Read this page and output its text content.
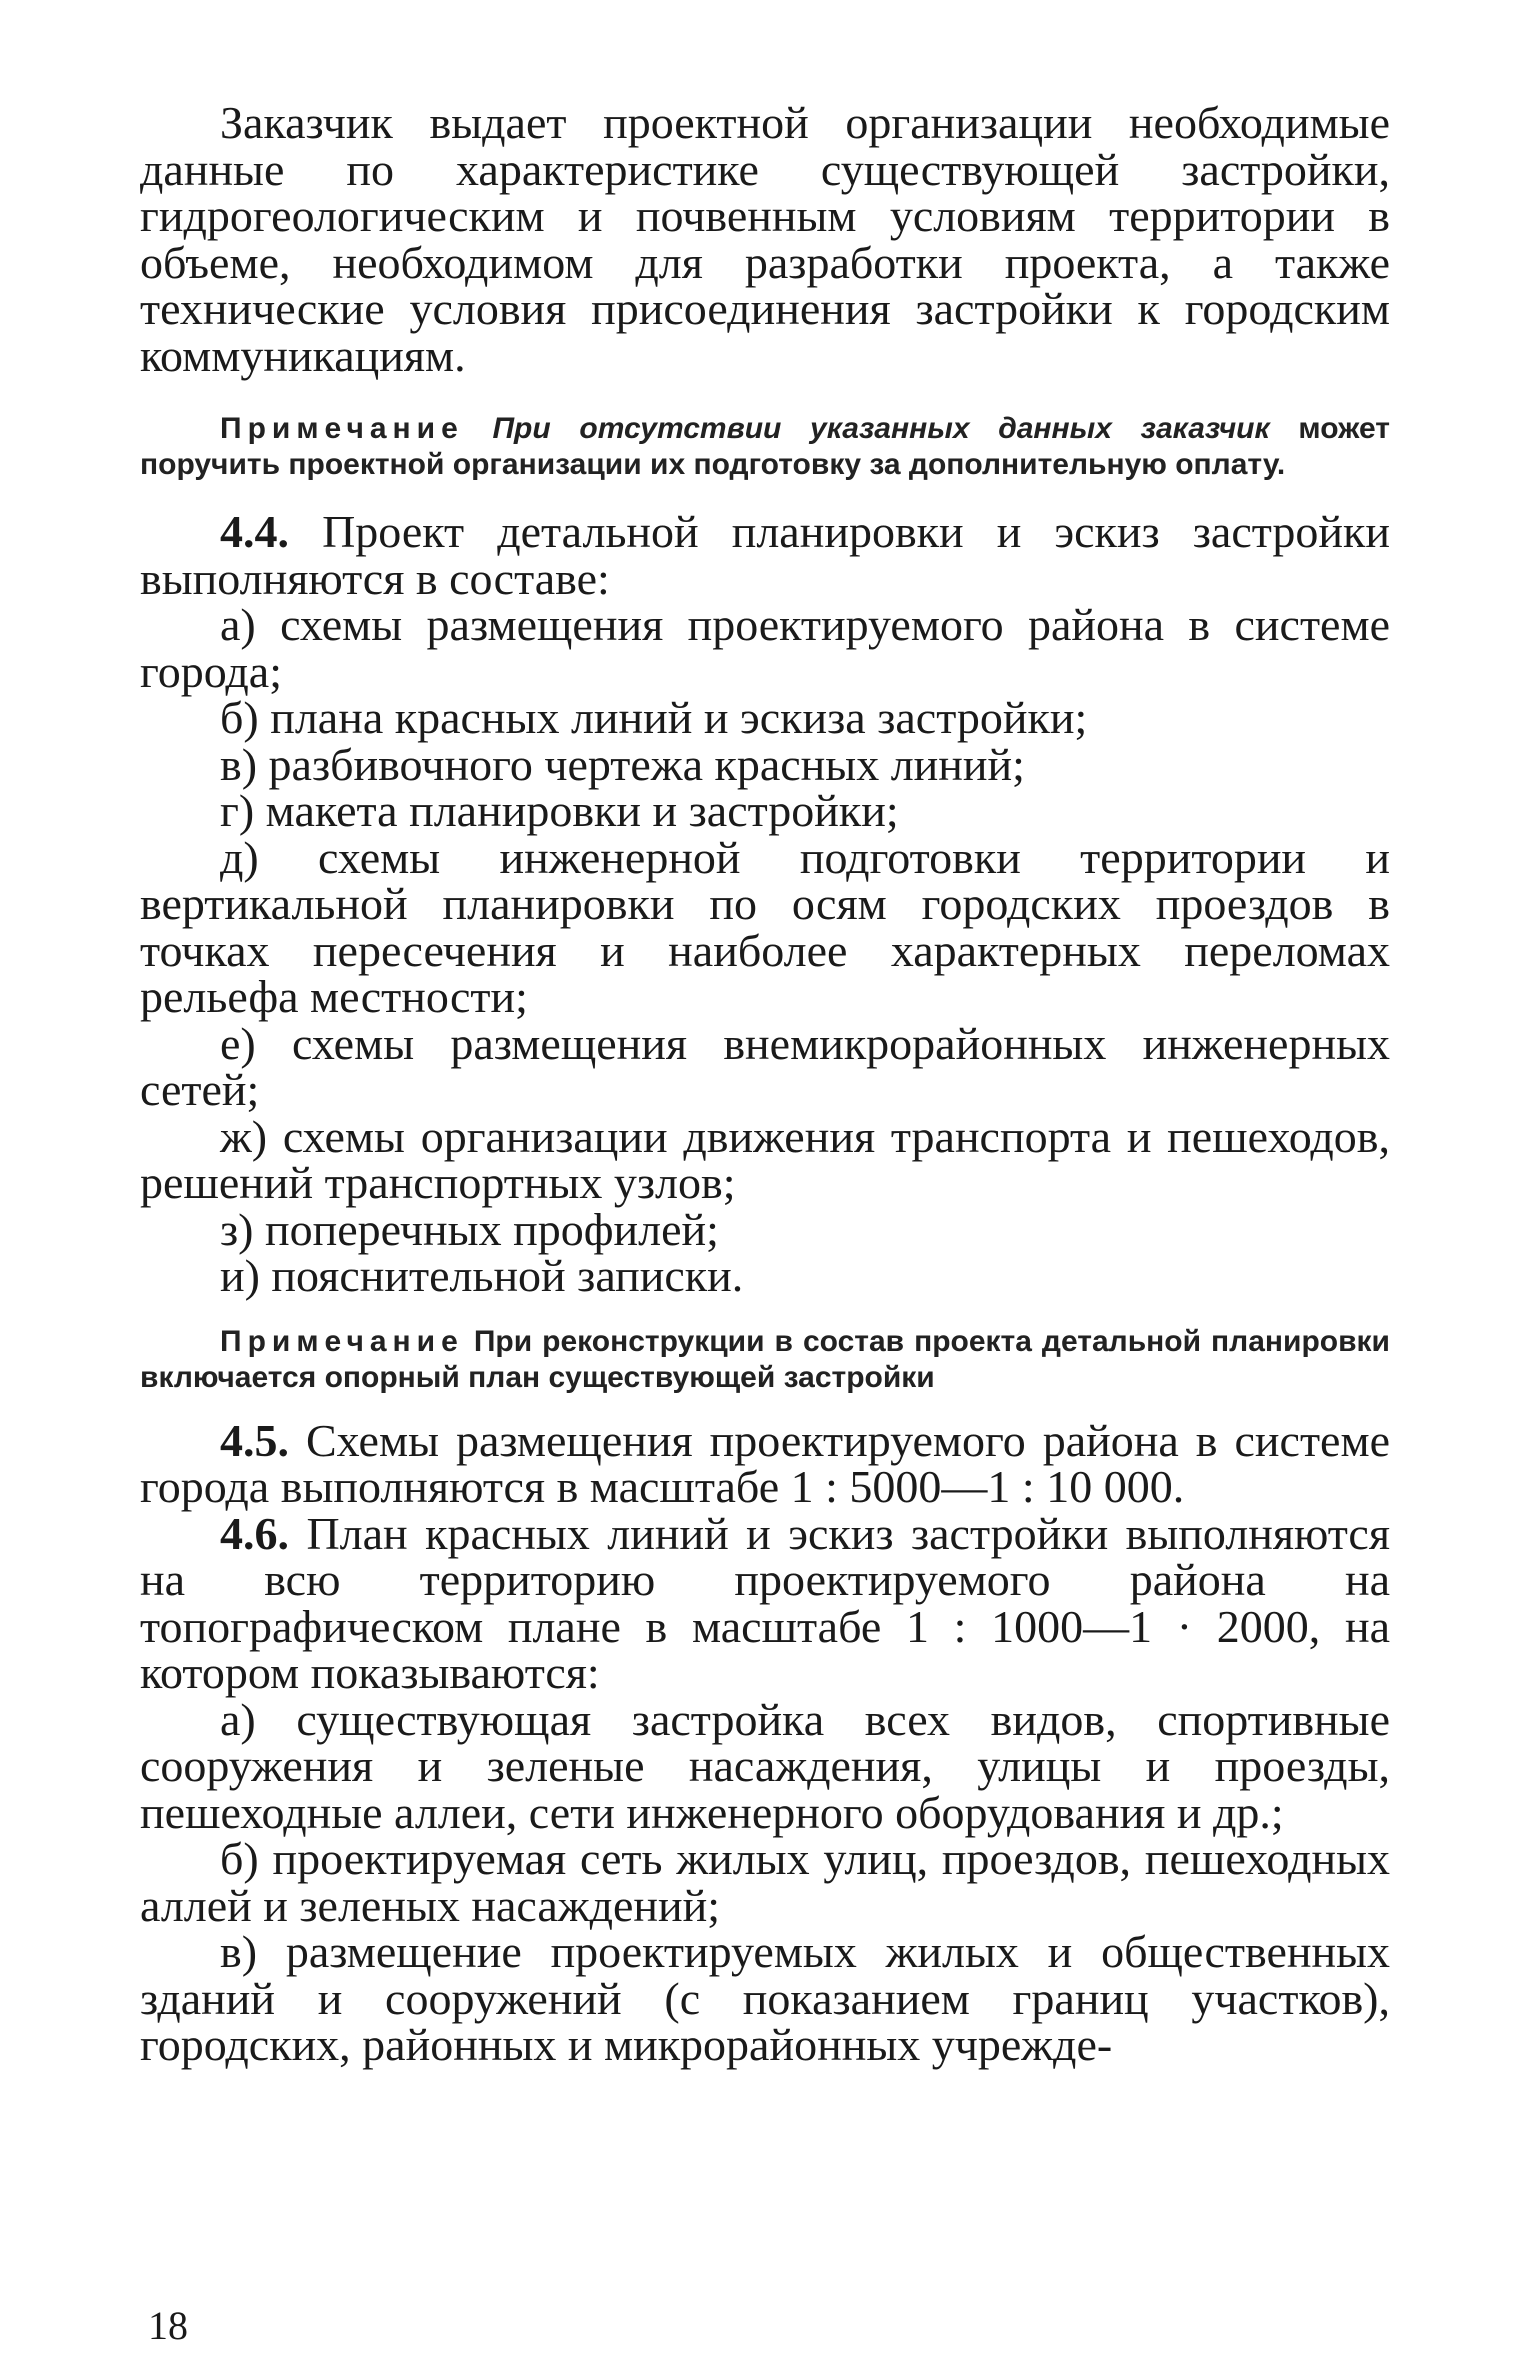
Заказчик выдает проектной организации необходимые данные по характеристике существующей застройки, гидрогеологическим и почвенным условиям территории в объеме, необходимом для разработки проекта, а также технические условия присоединения застройки к городским коммуникациям.

Примечание При отсутствии указанных данных заказчик может поручить проектной организации их подготовку за дополнительную оплату.

4.4. Проект детальной планировки и эскиз застройки выполняются в составе:

а) схемы размещения проектируемого района в системе города;

б) плана красных линий и эскиза застройки;

в) разбивочного чертежа красных линий;

г) макета планировки и застройки;

д) схемы инженерной подготовки территории и вертикальной планировки по осям городских проездов в точках пересечения и наиболее характерных переломах рельефа местности;

е) схемы размещения внемикрорайонных инженерных сетей;

ж) схемы организации движения транспорта и пешеходов, решений транспортных узлов;

з) поперечных профилей;

и) пояснительной записки.

Примечание При реконструкции в состав проекта детальной планировки включается опорный план существующей застройки

4.5. Схемы размещения проектируемого района в системе города выполняются в масштабе 1 : 5000—1 : 10 000.

4.6. План красных линий и эскиз застройки выполняются на всю территорию проектируемого района на топографическом плане в масштабе 1 : 1000—1 · 2000, на котором показываются:

а) существующая застройка всех видов, спортивные сооружения и зеленые насаждения, улицы и проезды, пешеходные аллеи, сети инженерного оборудования и др.;

б) проектируемая сеть жилых улиц, проездов, пешеходных аллей и зеленых насаждений;

в) размещение проектируемых жилых и общественных зданий и сооружений (с показанием границ участков), городских, районных и микрорайонных учрежде-

18
